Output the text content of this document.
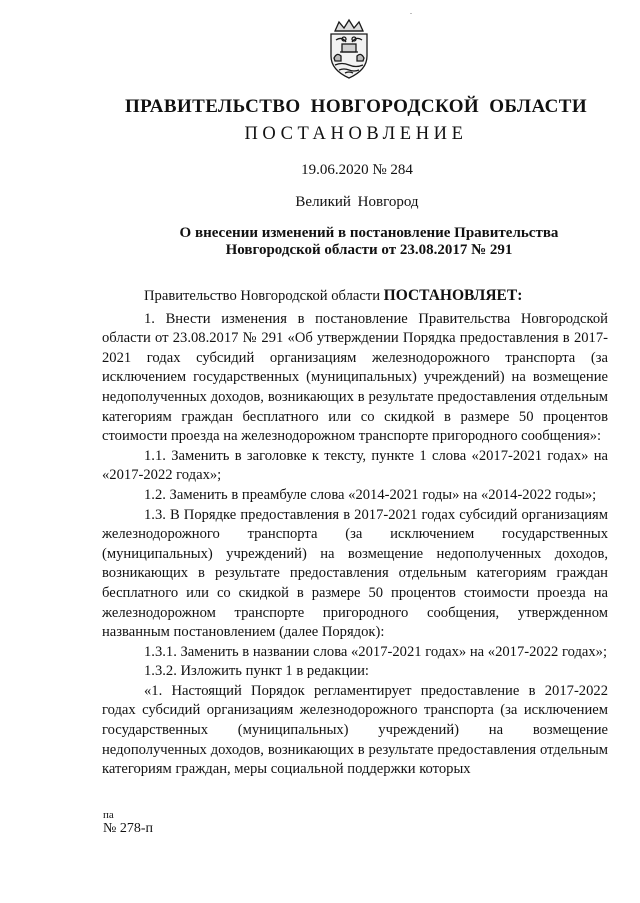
.
ПРАВИТЕЛЬСТВО НОВГОРОДСКОЙ ОБЛАСТИ
ПОСТАНОВЛЕНИЕ
19.06.2020 № 284
Великий Новгород
О внесении изменений в постановление Правительства
Новгородской области от 23.08.2017 № 291

Правительство Новгородской области ПОСТАНОВЛЯЕТ:

1. Внести изменения в постановление Правительства Новгородской области от 23.08.2017 № 291 «Об утверждении Порядка предоставления в 2017-2021 годах субсидий организациям железнодорожного транспорта (за исключением государственных (муниципальных) учреждений) на возмещение недополученных доходов, возникающих в результате предоставления отдельным категориям граждан бесплатного или со скидкой в размере 50 процентов стоимости проезда на железнодорожном транспорте пригородного сообщения»:

1.1. Заменить в заголовке к тексту, пункте 1 слова «2017-2021 годах» на «2017-2022 годах»;

1.2. Заменить в преамбуле слова «2014-2021 годы» на «2014-2022 годы»;

1.3. В Порядке предоставления в 2017-2021 годах субсидий организациям железнодорожного транспорта (за исключением государственных (муниципальных) учреждений) на возмещение недополученных доходов, возникающих в результате предоставления отдельным категориям граждан бесплатного или со скидкой в размере 50 процентов стоимости проезда на железнодорожном транспорте пригородного сообщения, утвержденном названным постановлением (далее Порядок):

1.3.1. Заменить в названии слова «2017-2021 годах» на «2017-2022 годах»;

1.3.2. Изложить пункт 1 в редакции:

«1. Настоящий Порядок регламентирует предоставление в 2017-2022 годах субсидий организациям железнодорожного транспорта (за исключением государственных (муниципальных) учреждений) на возмещение недополученных доходов, возникающих в результате предоставления отдельным категориям граждан, меры социальной поддержки которых

па
№ 278-п
